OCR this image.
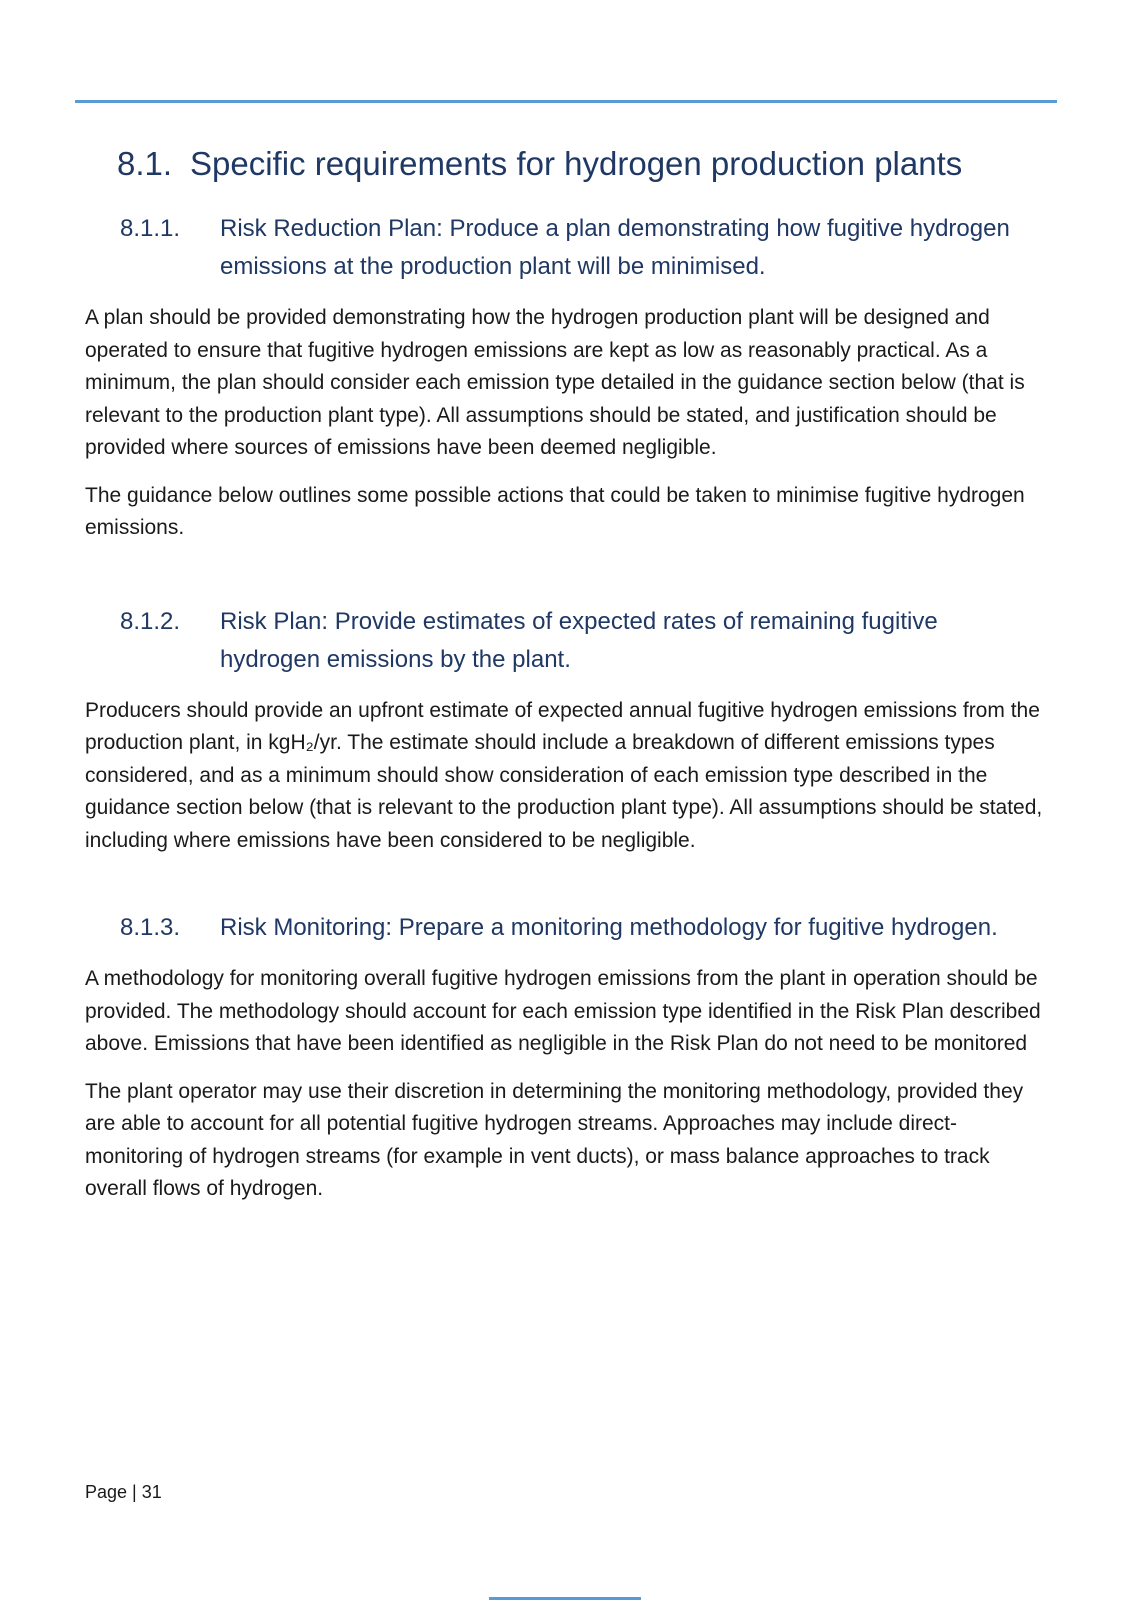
8.1. Specific requirements for hydrogen production plants
8.1.1.	Risk Reduction Plan: Produce a plan demonstrating how fugitive hydrogen emissions at the production plant will be minimised.

A plan should be provided demonstrating how the hydrogen production plant will be designed and operated to ensure that fugitive hydrogen emissions are kept as low as reasonably practical. As a minimum, the plan should consider each emission type detailed in the guidance section below (that is relevant to the production plant type). All assumptions should be stated, and justification should be provided where sources of emissions have been deemed negligible.

The guidance below outlines some possible actions that could be taken to minimise fugitive hydrogen emissions.

8.1.2.	Risk Plan: Provide estimates of expected rates of remaining fugitive hydrogen emissions by the plant.

Producers should provide an upfront estimate of expected annual fugitive hydrogen emissions from the production plant, in kgH₂/yr. The estimate should include a breakdown of different emissions types considered, and as a minimum should show consideration of each emission type described in the guidance section below (that is relevant to the production plant type). All assumptions should be stated, including where emissions have been considered to be negligible.

8.1.3.	Risk Monitoring: Prepare a monitoring methodology for fugitive hydrogen.

A methodology for monitoring overall fugitive hydrogen emissions from the plant in operation should be provided. The methodology should account for each emission type identified in the Risk Plan described above. Emissions that have been identified as negligible in the Risk Plan do not need to be monitored

The plant operator may use their discretion in determining the monitoring methodology, provided they are able to account for all potential fugitive hydrogen streams. Approaches may include direct-monitoring of hydrogen streams (for example in vent ducts), or mass balance approaches to track overall flows of hydrogen.

Page | 31
